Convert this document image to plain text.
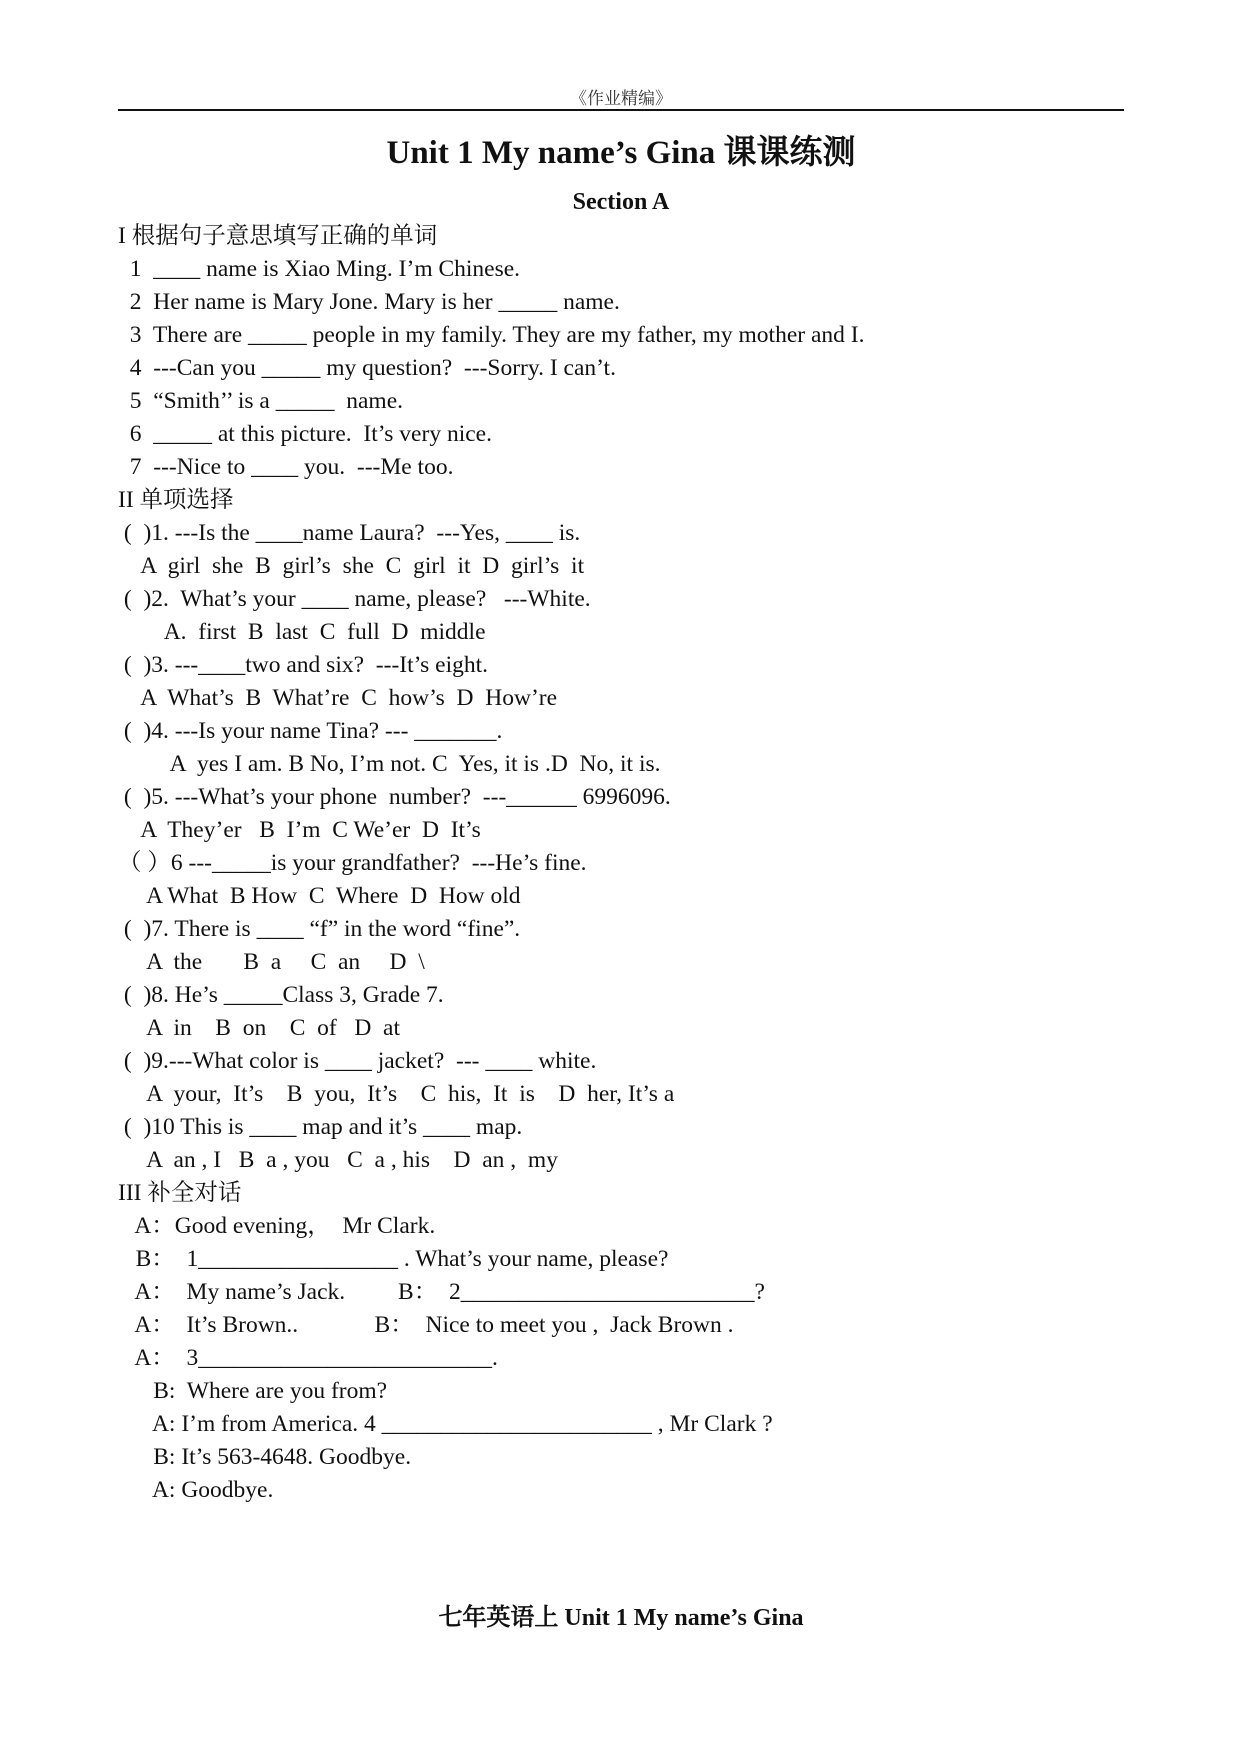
《作业精编》
Unit 1 My name’s Gina 课课练测
Section A
I 根据句子意思填写正确的单词
1  ____ name is Xiao Ming. I’m Chinese.
2  Her name is Mary Jone. Mary is her _____ name.
3  There are _____ people in my family. They are my father, my mother and I.
4  ---Can you _____ my question?  ---Sorry. I can’t.
5  “Smith’’ is a _____  name.
6  _____ at this picture.  It’s very nice.
7  ---Nice to ____ you.  ---Me too.
II 单项选择
(  )1. ---Is the ____name Laura?  ---Yes, ____ is.
A  girl  she  B  girl’s  she  C  girl  it  D  girl’s  it
(  )2.  What’s your ____ name, please?   ---White.
A.  first  B  last  C  full  D  middle
(  )3. ---____two and six?  ---It’s eight.
A  What’s  B  What’re  C  how’s  D  How’re
(  )4. ---Is your name Tina? --- _______.
A  yes I am. B No, I’m not. C  Yes, it is .D  No, it is.
(  )5. ---What’s your phone  number?  ---______ 6996096.
A  They’er   B  I’m  C We’er  D  It’s
（ ）6 ---_____is your grandfather?  ---He’s fine.
A What  B How  C  Where  D  How old
(  )7. There is ____ “f” in the word “fine”.
A  the       B  a     C  an     D  \
(  )8. He’s _____Class 3, Grade 7.
A  in    B  on    C  of   D  at
(  )9.---What color is ____ jacket?  --- ____ white.
A  your,  It’s    B  you,  It’s    C  his,  It  is    D  her, It’s a
(  )10 This is ____ map and it’s ____ map.
A  an , I   B  a , you   C  a , his    D  an ,  my
III 补全对话
A：Good evening，  Mr Clark.
B：  1_________________ . What’s your name, please?
A：  My name’s Jack.         B：  2_________________________?
A：  It’s Brown..             B：  Nice to meet you ,  Jack Brown .
A：  3_________________________.
B:  Where are you from?
A: I’m from America. 4 _______________________ , Mr Clark ?
B: It’s 563-4648. Goodbye.
A: Goodbye.
七年英语上 Unit 1 My name’s Gina
